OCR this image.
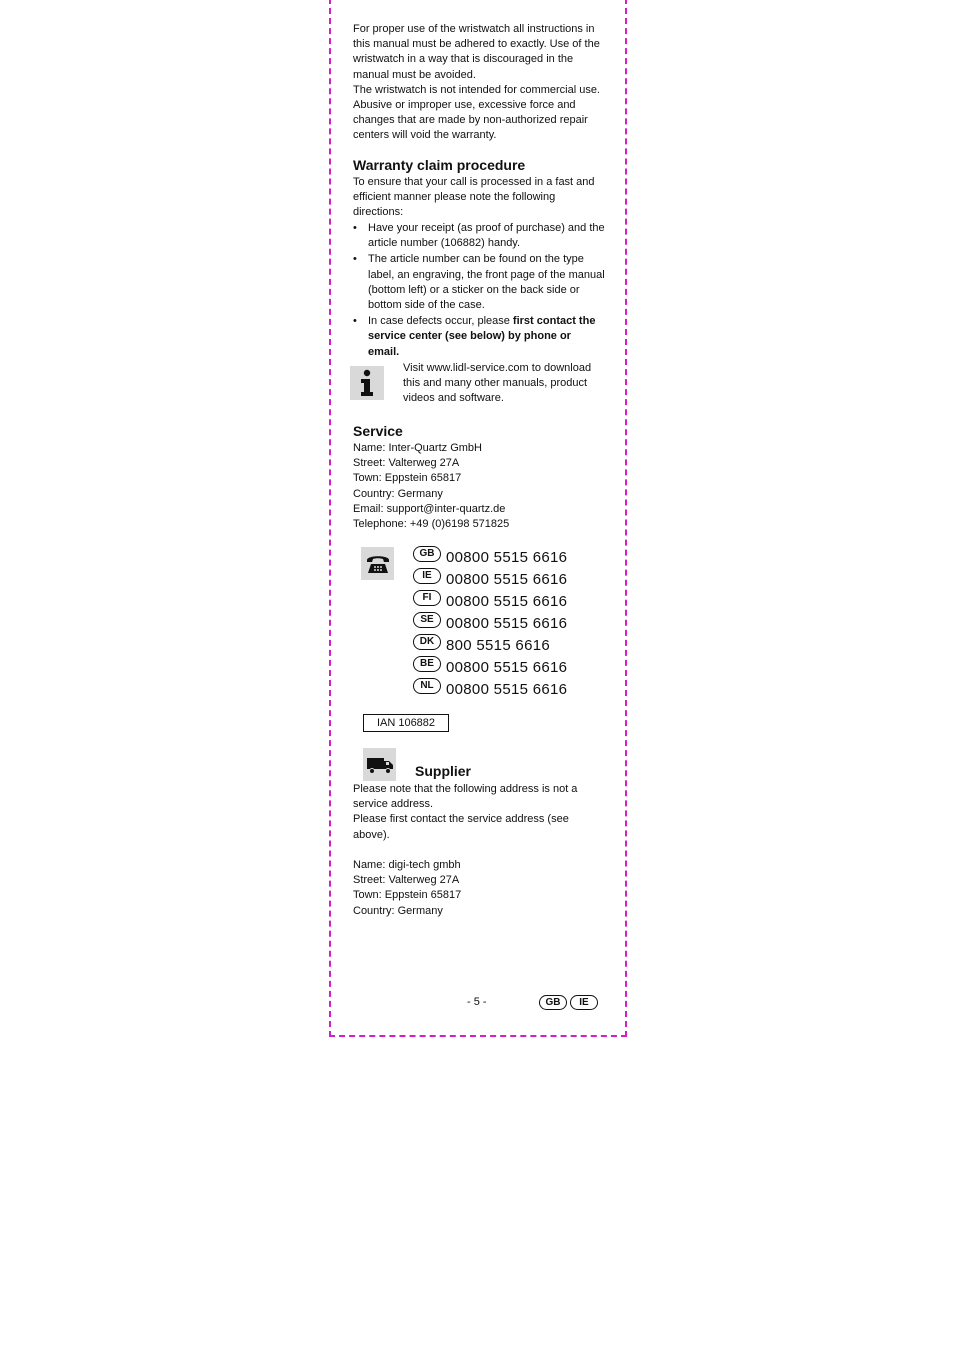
For proper use of the wristwatch all instructions in this manual must be adhered to exactly. Use of the wristwatch in a way that is discouraged in the manual must be avoided.

The wristwatch is not intended for commercial use. Abusive or improper use, excessive force and changes that are made by non-authorized repair centers will void the warranty.

Warranty claim procedure

To ensure that your call is processed in a fast and efficient manner please note the following directions:

• Have your receipt (as proof of purchase) and the article number (106882) handy.
• The article number can be found on the type label, an engraving, the front page of the manual (bottom left) or a sticker on the back side or bottom side of the case.
• In case defects occur, please first contact the service center (see below) by phone or email.

Visit www.lidl-service.com to download this and many other manuals, product videos and software.

Service

Name: Inter-Quartz GmbH

Street: Valterweg 27A

Town: Eppstein 65817

Country: Germany

Email: support@inter-quartz.de

Telephone: +49 (0)6198 571825

GB 00800 5515 6616
IE 00800 5515 6616
FI 00800 5515 6616
SE 00800 5515 6616
DK 800 5515 6616
BE 00800 5515 6616
NL 00800 5515 6616
IAN 106882
Supplier

Please note that the following address is not a service address.

Please first contact the service address (see above).

Name: digi-tech gmbh

Street: Valterweg 27A

Town: Eppstein 65817

Country: Germany

- 5 -	GB	IE
